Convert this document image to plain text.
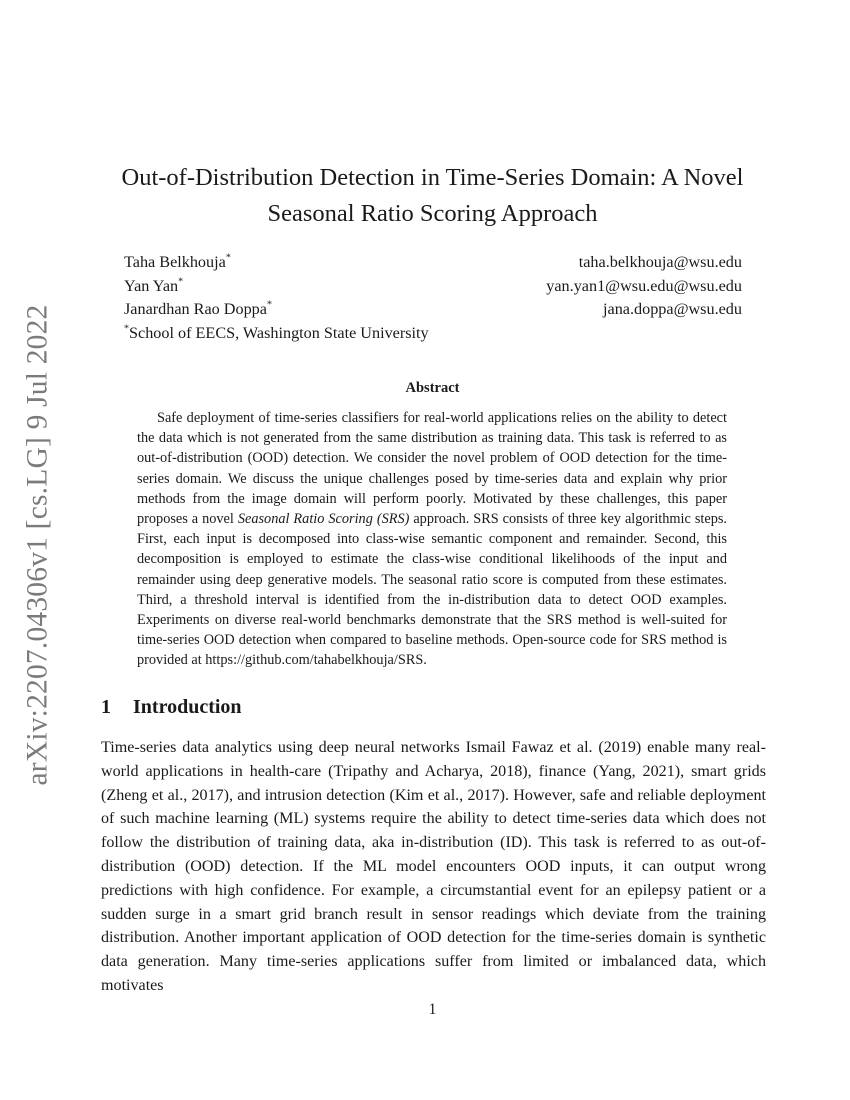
arXiv:2207.04306v1 [cs.LG] 9 Jul 2022
Out-of-Distribution Detection in Time-Series Domain: A Novel Seasonal Ratio Scoring Approach
Taha Belkhouja*	taha.belkhouja@wsu.edu
Yan Yan*	yan.yan1@wsu.edu@wsu.edu
Janardhan Rao Doppa*	jana.doppa@wsu.edu
*School of EECS, Washington State University
Abstract

Safe deployment of time-series classifiers for real-world applications relies on the ability to detect the data which is not generated from the same distribution as training data. This task is referred to as out-of-distribution (OOD) detection. We consider the novel problem of OOD detection for the time-series domain. We discuss the unique challenges posed by time-series data and explain why prior methods from the image domain will perform poorly. Motivated by these challenges, this paper proposes a novel Seasonal Ratio Scoring (SRS) approach. SRS consists of three key algorithmic steps. First, each input is decomposed into class-wise semantic component and remainder. Second, this decomposition is employed to estimate the class-wise conditional likelihoods of the input and remainder using deep generative models. The seasonal ratio score is computed from these estimates. Third, a threshold interval is identified from the in-distribution data to detect OOD examples. Experiments on diverse real-world benchmarks demonstrate that the SRS method is well-suited for time-series OOD detection when compared to baseline methods. Open-source code for SRS method is provided at https://github.com/tahabelkhouja/SRS.

1 Introduction

Time-series data analytics using deep neural networks Ismail Fawaz et al. (2019) enable many real-world applications in health-care (Tripathy and Acharya, 2018), finance (Yang, 2021), smart grids (Zheng et al., 2017), and intrusion detection (Kim et al., 2017). However, safe and reliable deployment of such machine learning (ML) systems require the ability to detect time-series data which does not follow the distribution of training data, aka in-distribution (ID). This task is referred to as out-of-distribution (OOD) detection. If the ML model encounters OOD inputs, it can output wrong predictions with high confidence. For example, a circumstantial event for an epilepsy patient or a sudden surge in a smart grid branch result in sensor readings which deviate from the training distribution. Another important application of OOD detection for the time-series domain is synthetic data generation. Many time-series applications suffer from limited or imbalanced data, which motivates

1
